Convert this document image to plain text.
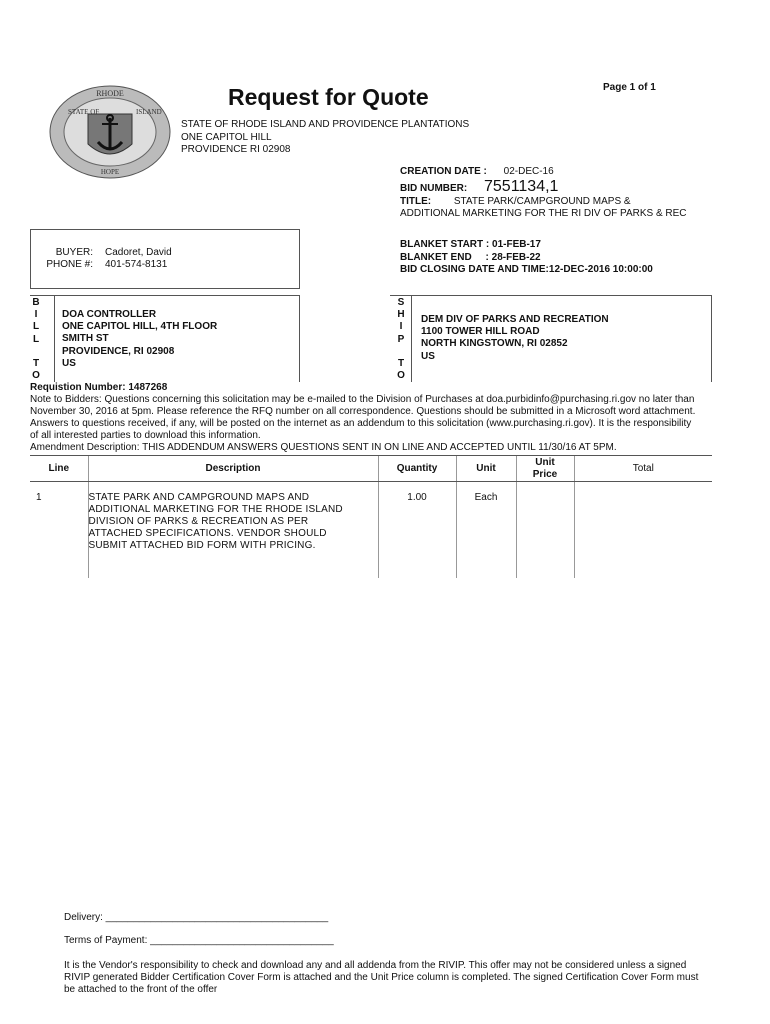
RHODE
STATE OF	ISLAND
HOPE
Request for Quote	Page 1 of 1
STATE OF RHODE ISLAND AND PROVIDENCE PLANTATIONS
ONE CAPITOL HILL
PROVIDENCE RI 02908
CREATION DATE : 02-DEC-16
BID NUMBER: 7551134,1
TITLE: STATE PARK/CAMPGROUND MAPS &
ADDITIONAL MARKETING FOR THE RI DIV OF PARKS & REC
BUYER: Cadoret, David
PHONE #: 401-574-8131
BLANKET START : 01-FEB-17
BLANKET END     : 28-FEB-22
BID CLOSING DATE AND TIME:12-DEC-2016 10:00:00
B
I
L
L
T
O
DOA CONTROLLER
ONE CAPITOL HILL, 4TH FLOOR
SMITH ST
PROVIDENCE, RI 02908
US
S
H
I
P
T
O
DEM DIV OF PARKS AND RECREATION
1100 TOWER HILL ROAD
NORTH KINGSTOWN, RI 02852
US
Requistion Number: 1487268
Note to Bidders: Questions concerning this solicitation may be e-mailed to the Division of Purchases at doa.purbidinfo@purchasing.ri.gov no later than
November 30, 2016 at 5pm. Please reference the RFQ number on all correspondence. Questions should be submitted in a Microsoft word attachment.
Answers to questions received, if any, will be posted on the internet as an addendum to this solicitation (www.purchasing.ri.gov). It is the responsibility
of all interested parties to download this information.
Amendment Description: THIS ADDENDUM ANSWERS QUESTIONS SENT IN ON LINE AND ACCEPTED UNTIL 11/30/16 AT 5PM.
Line	Description	Quantity	Unit	Unit Price	Total
1	STATE PARK AND CAMPGROUND MAPS AND
ADDITIONAL MARKETING FOR THE RHODE ISLAND
DIVISION OF PARKS & RECREATION AS PER
ATTACHED SPECIFICATIONS. VENDOR SHOULD
SUBMIT ATTACHED BID FORM WITH PRICING.	1.00	Each		
Delivery: ________________________________________
Terms of Payment: _________________________________
It is the Vendor's responsibility to check and download any and all addenda from the RIVIP. This offer may not be considered unless a signed
RIVIP generated Bidder Certification Cover Form is attached and the Unit Price column is completed. The signed Certification Cover Form must
be attached to the front of the offer
